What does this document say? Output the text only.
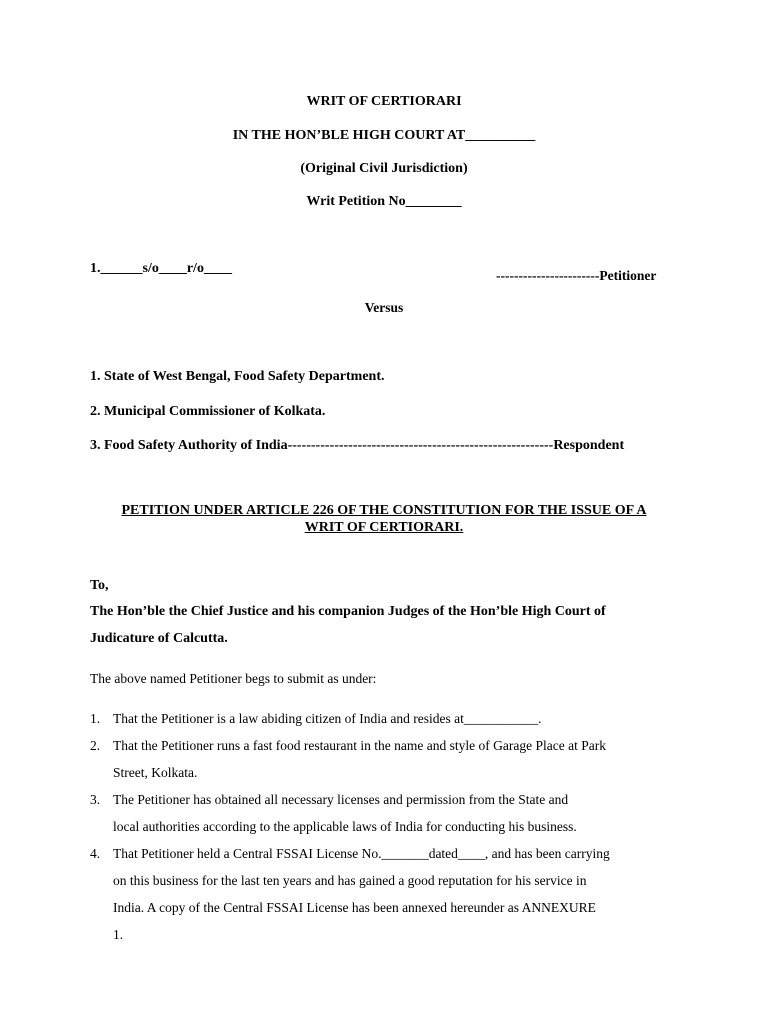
WRIT OF CERTIORARI
IN THE HON’BLE HIGH COURT AT__________
(Original Civil Jurisdiction)
Writ Petition No________
1.______s/o____r/o____	-----------------------Petitioner
Versus
1. State of West Bengal, Food Safety Department.
2. Municipal Commissioner of Kolkata.
3. Food Safety Authority of India---------------------------------------------------------Respondent
PETITION UNDER ARTICLE 226 OF THE CONSTITUTION FOR THE ISSUE OF A
WRIT OF CERTIORARI.
To,
The Hon’ble the Chief Justice and his companion Judges of the Hon’ble High Court of
Judicature of Calcutta.
The above named Petitioner begs to submit as under:
1. That the Petitioner is a law abiding citizen of India and resides at___________.
2. That the Petitioner runs a fast food restaurant in the name and style of Garage Place at Park
Street, Kolkata.
3. The Petitioner has obtained all necessary licenses and permission from the State and
local authorities according to the applicable laws of India for conducting his business.
4. That Petitioner held a Central FSSAI License No._______dated____, and has been carrying
on this business for the last ten years and has gained a good reputation for his service in
India. A copy of the Central FSSAI License has been annexed hereunder as ANNEXURE
1.
